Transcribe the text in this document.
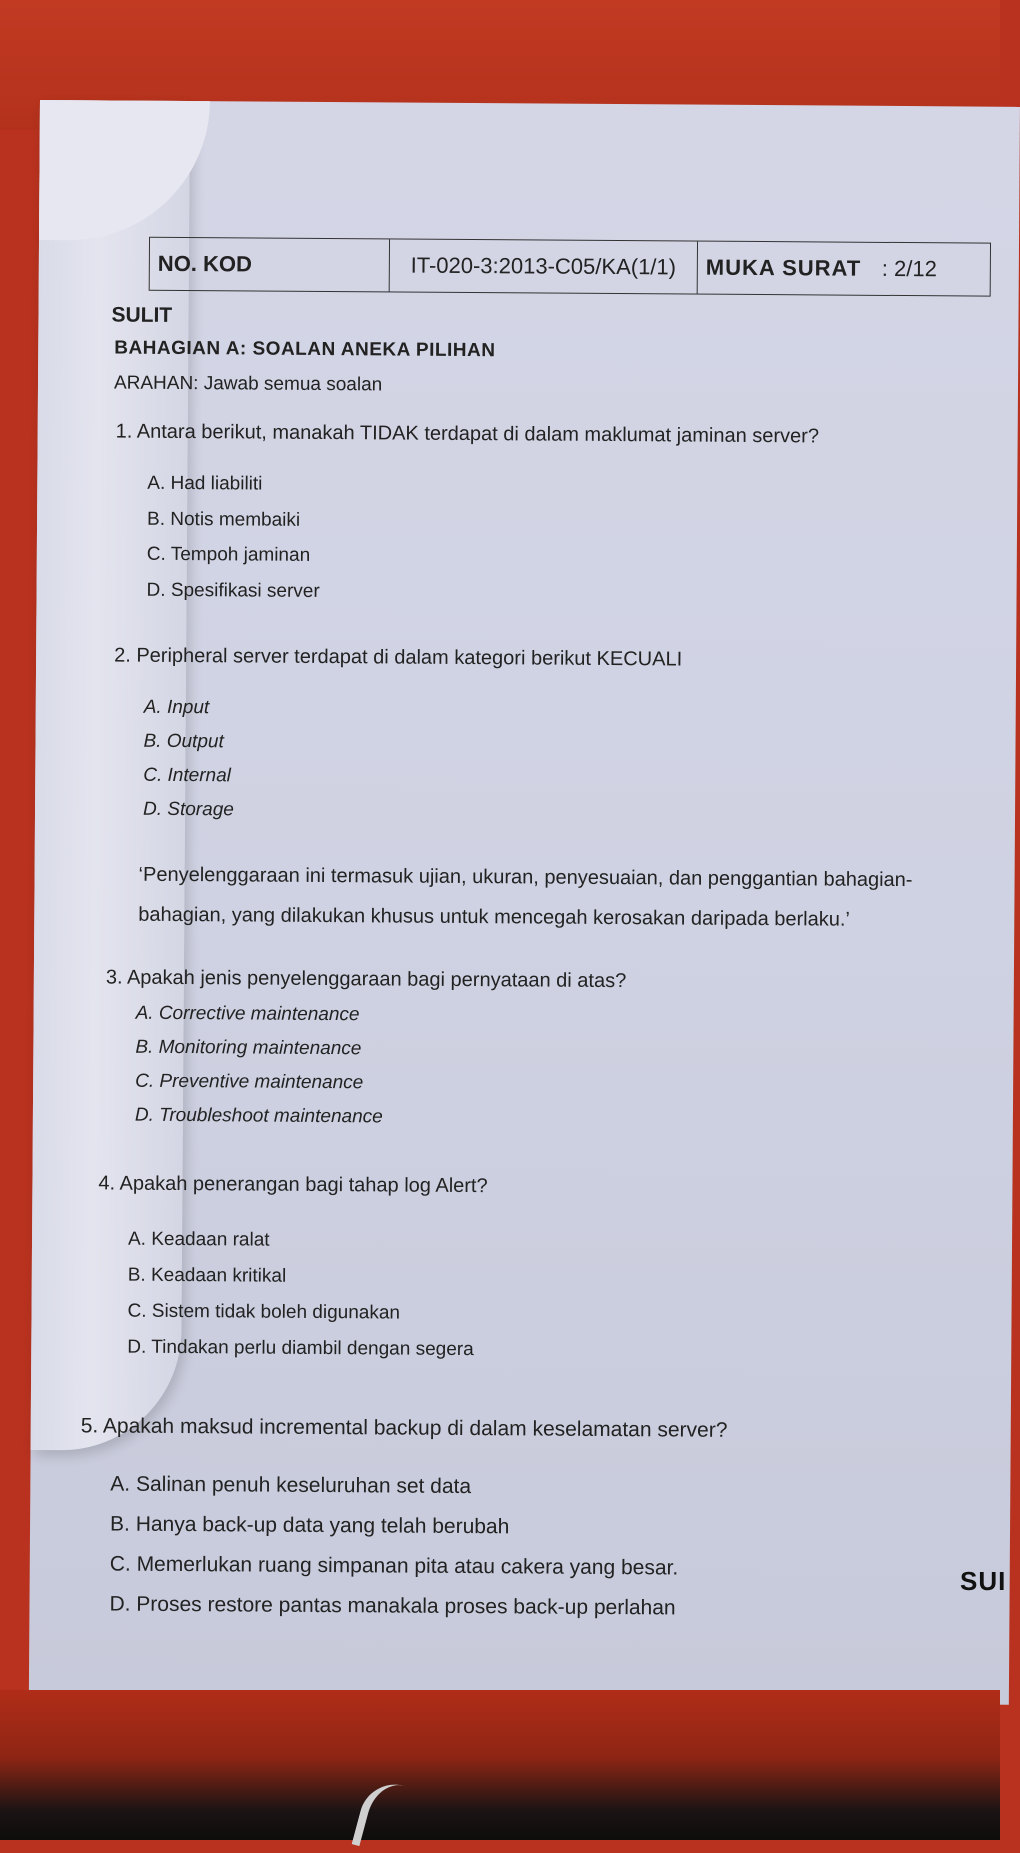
NO. KOD	IT-020-3:2013-C05/KA(1/1)	MUKA SURAT : 2/12
SULIT
BAHAGIAN A: SOALAN ANEKA PILIHAN
ARAHAN: Jawab semua soalan
1. Antara berikut, manakah TIDAK terdapat di dalam maklumat jaminan server?
A. Had liabiliti
B. Notis membaiki
C. Tempoh jaminan
D. Spesifikasi server
2. Peripheral server terdapat di dalam kategori berikut KECUALI
A. Input
B. Output
C. Internal
D. Storage
‘Penyelenggaraan ini termasuk ujian, ukuran, penyesuaian, dan penggantian bahagian-bahagian, yang dilakukan khusus untuk mencegah kerosakan daripada berlaku.’
3. Apakah jenis penyelenggaraan bagi pernyataan di atas?
A. Corrective maintenance
B. Monitoring maintenance
C. Preventive maintenance
D. Troubleshoot maintenance
4. Apakah penerangan bagi tahap log Alert?
A. Keadaan ralat
B. Keadaan kritikal
C. Sistem tidak boleh digunakan
D. Tindakan perlu diambil dengan segera
5. Apakah maksud incremental backup di dalam keselamatan server?
A. Salinan penuh keseluruhan set data
B. Hanya back-up data yang telah berubah
C. Memerlukan ruang simpanan pita atau cakera yang besar.
D. Proses restore pantas manakala proses back-up perlahan
SUI
